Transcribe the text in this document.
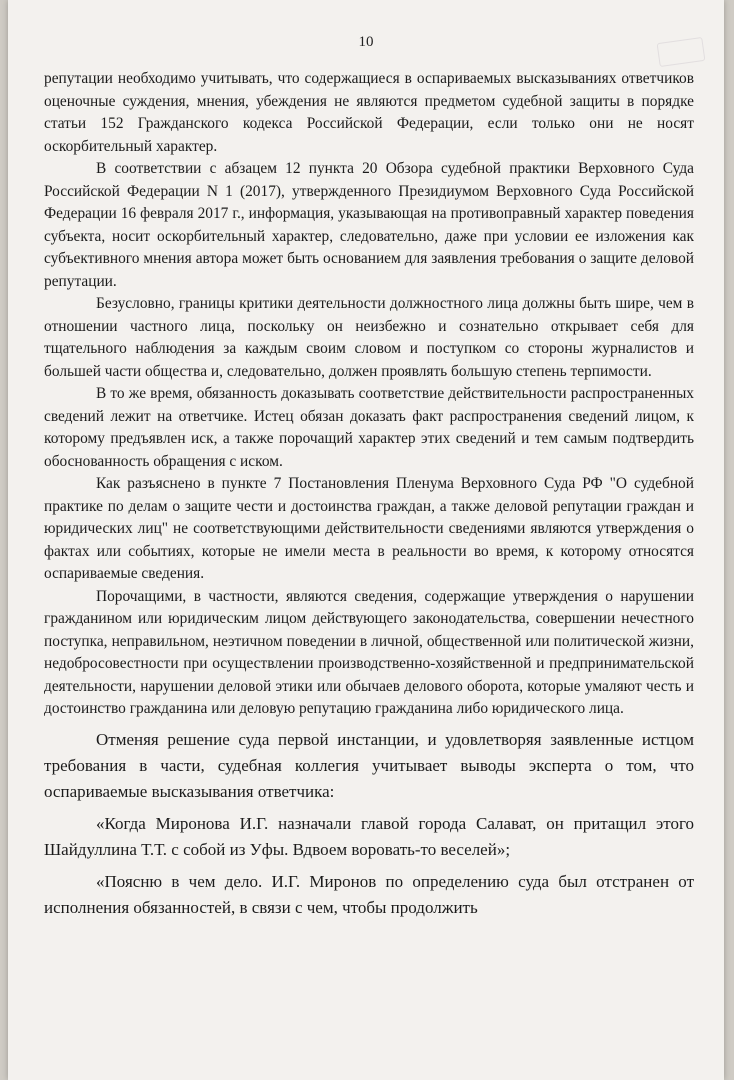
10

репутации необходимо учитывать, что содержащиеся в оспариваемых высказываниях ответчиков оценочные суждения, мнения, убеждения не являются предметом судебной защиты в порядке статьи 152 Гражданского кодекса Российской Федерации, если только они не носят оскорбительный характер.

В соответствии с абзацем 12 пункта 20 Обзора судебной практики Верховного Суда Российской Федерации N 1 (2017), утвержденного Президиумом Верховного Суда Российской Федерации 16 февраля 2017 г., информация, указывающая на противоправный характер поведения субъекта, носит оскорбительный характер, следовательно, даже при условии ее изложения как субъективного мнения автора может быть основанием для заявления требования о защите деловой репутации.

Безусловно, границы критики деятельности должностного лица должны быть шире, чем в отношении частного лица, поскольку он неизбежно и сознательно открывает себя для тщательного наблюдения за каждым своим словом и поступком со стороны журналистов и большей части общества и, следовательно, должен проявлять большую степень терпимости.

В то же время, обязанность доказывать соответствие действительности распространенных сведений лежит на ответчике. Истец обязан доказать факт распространения сведений лицом, к которому предъявлен иск, а также порочащий характер этих сведений и тем самым подтвердить обоснованность обращения с иском.

Как разъяснено в пункте 7 Постановления Пленума Верховного Суда РФ "О судебной практике по делам о защите чести и достоинства граждан, а также деловой репутации граждан и юридических лиц" не соответствующими действительности сведениями являются утверждения о фактах или событиях, которые не имели места в реальности во время, к которому относятся оспариваемые сведения.

Порочащими, в частности, являются сведения, содержащие утверждения о нарушении гражданином или юридическим лицом действующего законодательства, совершении нечестного поступка, неправильном, неэтичном поведении в личной, общественной или политической жизни, недобросовестности при осуществлении производственно-хозяйственной и предпринимательской деятельности, нарушении деловой этики или обычаев делового оборота, которые умаляют честь и достоинство гражданина или деловую репутацию гражданина либо юридического лица.

Отменяя решение суда первой инстанции, и удовлетворяя заявленные истцом требования в части, судебная коллегия учитывает выводы эксперта о том, что оспариваемые высказывания ответчика:

«Когда Миронова И.Г. назначали главой города Салават, он притащил этого Шайдуллина Т.Т. с собой из Уфы. Вдвоем воровать-то веселей»;

«Поясню в чем дело. И.Г. Миронов по определению суда был отстранен от исполнения обязанностей, в связи с чем, чтобы продолжить
